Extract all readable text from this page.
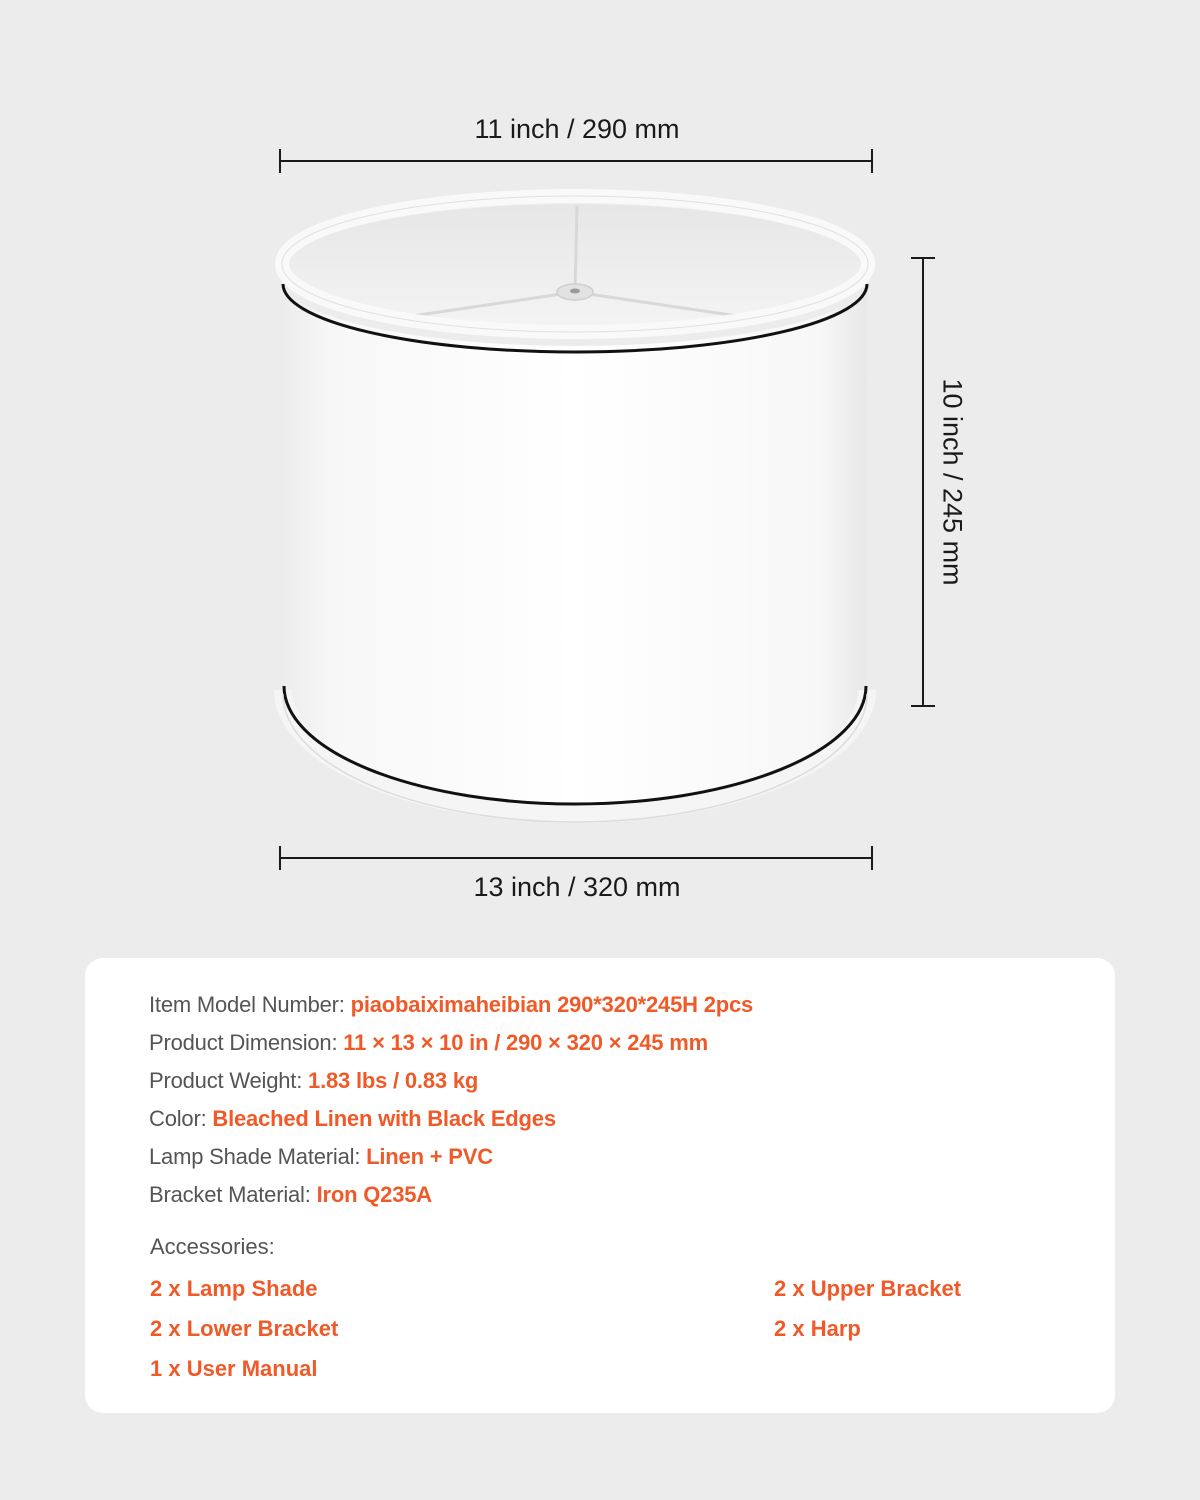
11 inch / 290 mm
13 inch / 320 mm
10 inch / 245 mm
Item Model Number: piaobaiximaheibian 290*320*245H 2pcs
Product Dimension: 11 × 13 × 10 in / 290 × 320 × 245 mm
Product Weight: 1.83 lbs / 0.83 kg
Color: Bleached Linen with Black Edges
Lamp Shade Material: Linen + PVC
Bracket Material: Iron Q235A
Accessories:
2 x Lamp Shade	2 x Upper Bracket
2 x Lower Bracket	2 x Harp
1 x User Manual
